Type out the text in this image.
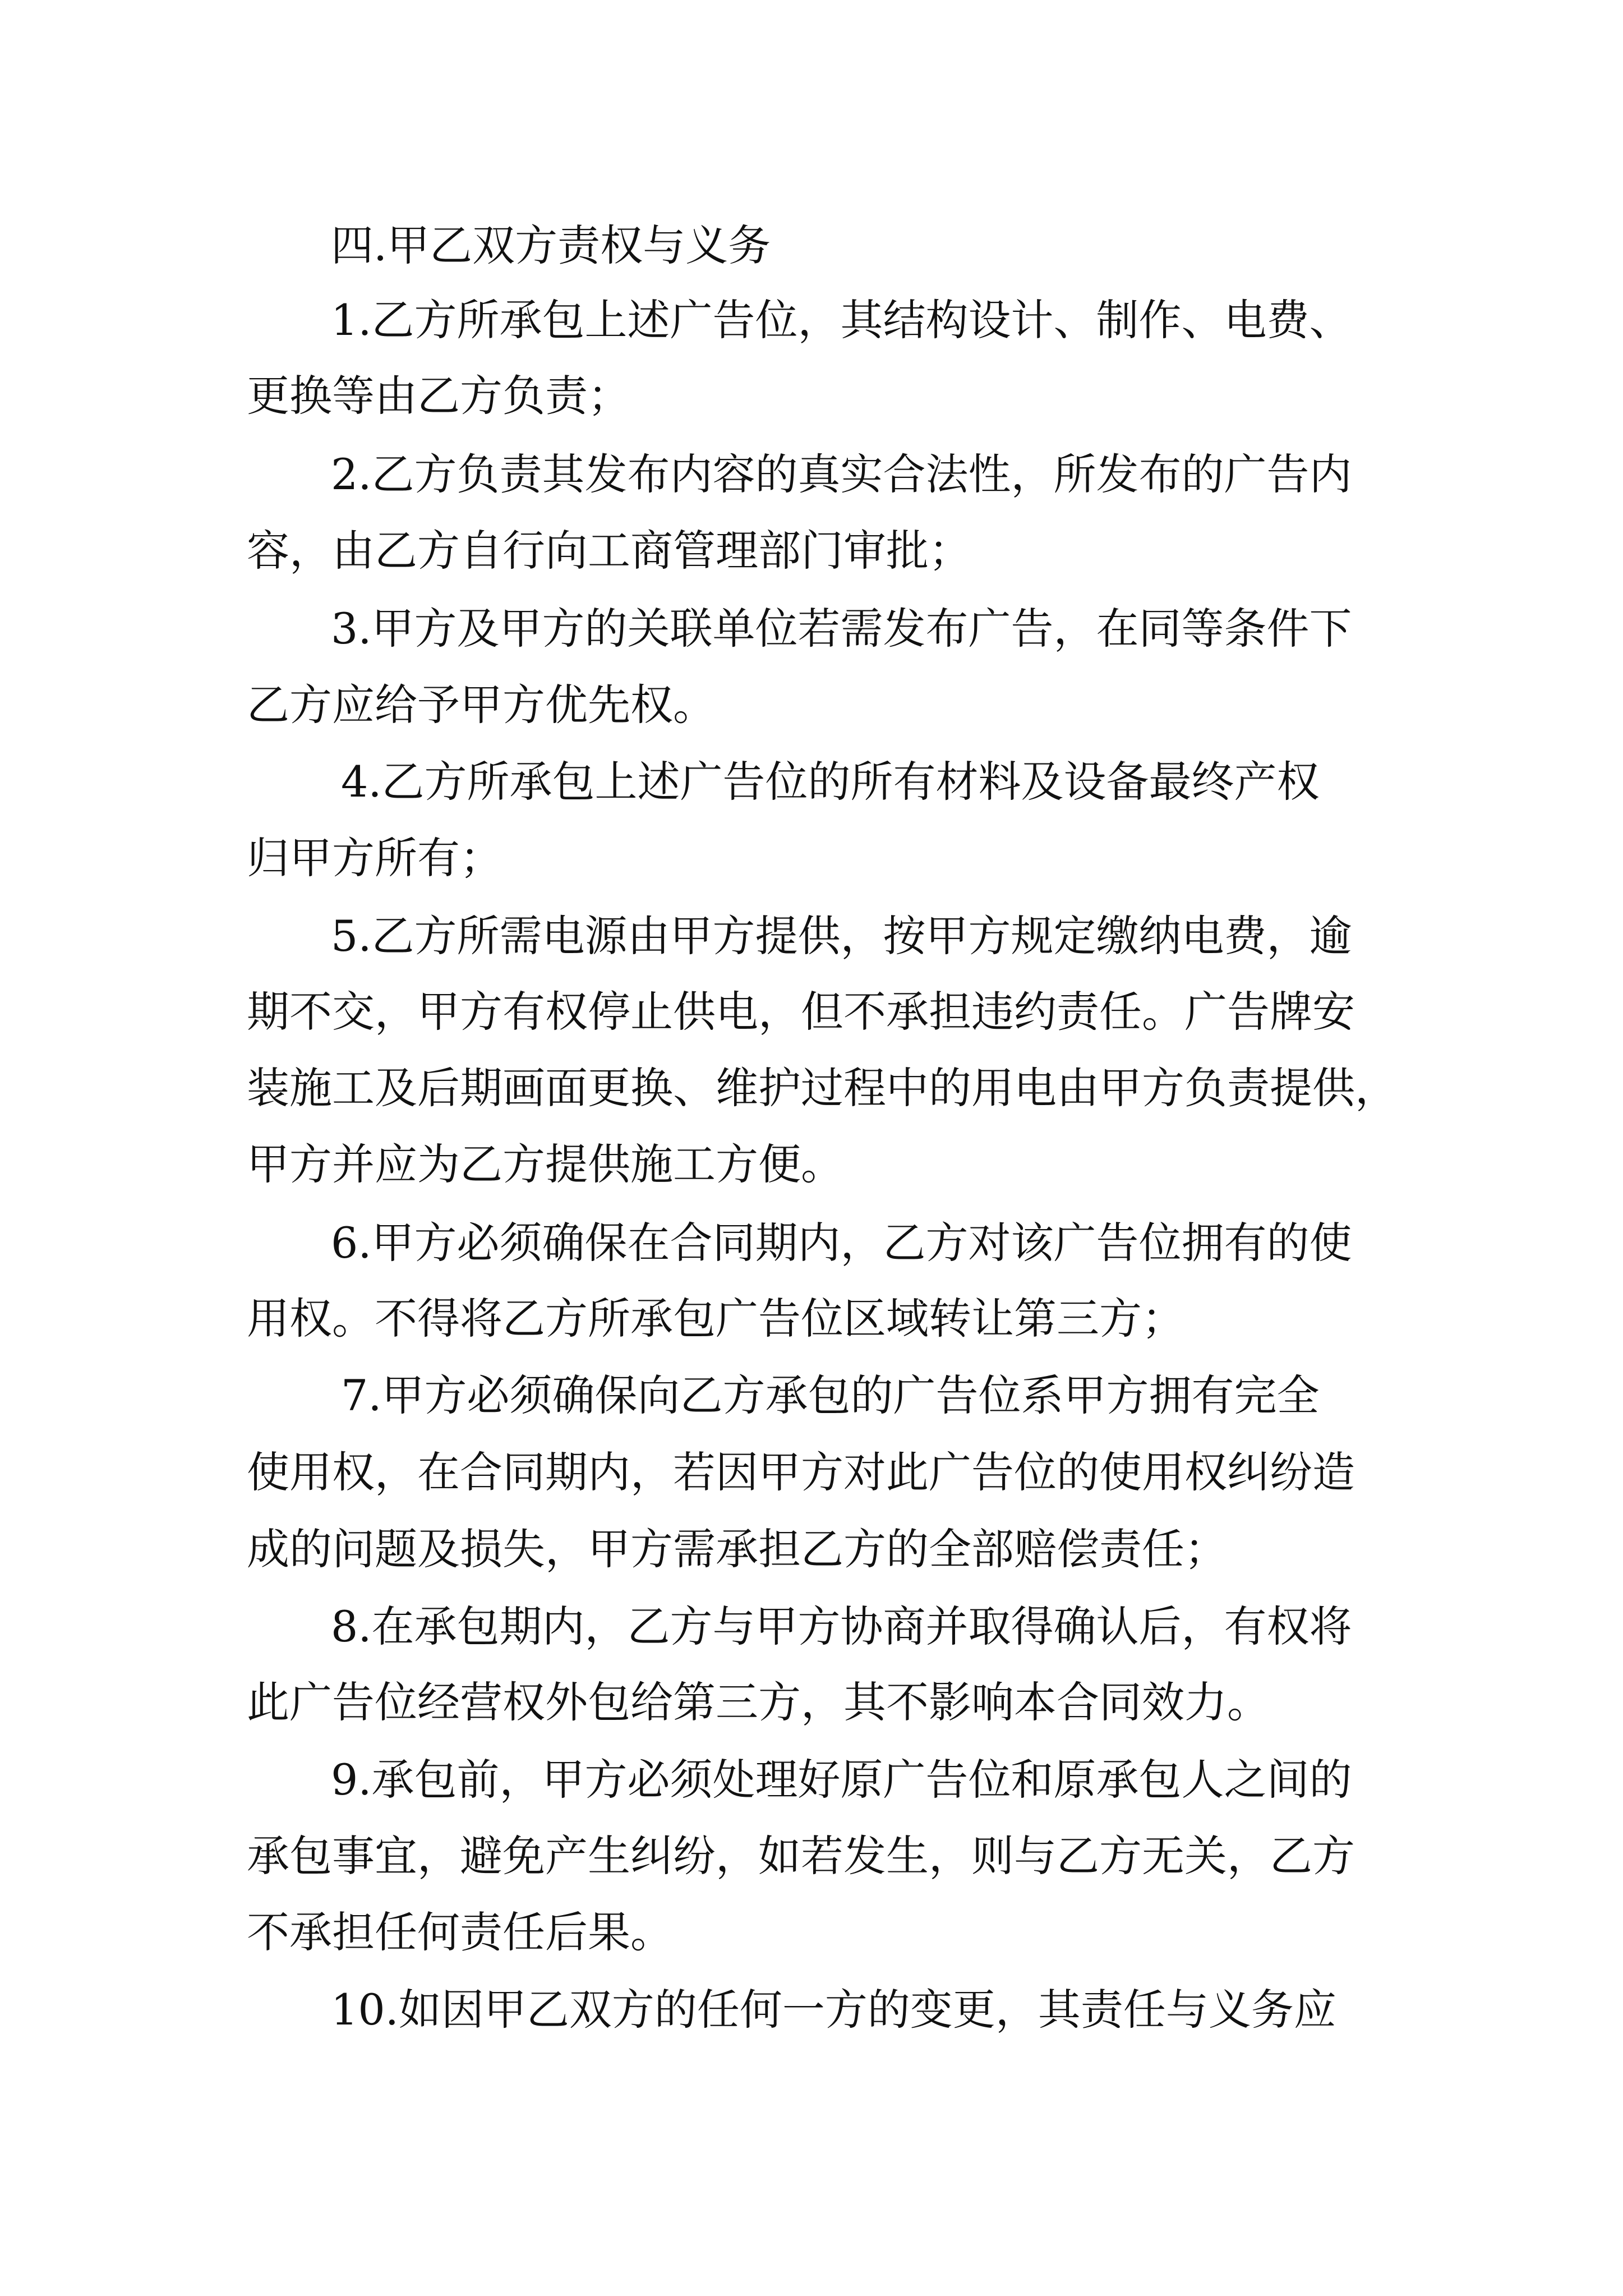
四.甲乙双方责权与义务

1.乙方所承包上述广告位，其结构设计、制作、电费、

更换等由乙方负责；

2.乙方负责其发布内容的真实合法性，所发布的广告内

容，由乙方自行向工商管理部门审批；

3.甲方及甲方的关联单位若需发布广告，在同等条件下

乙方应给予甲方优先权。

4.乙方所承包上述广告位的所有材料及设备最终产权

归甲方所有；

5.乙方所需电源由甲方提供，按甲方规定缴纳电费，逾

期不交，甲方有权停止供电，但不承担违约责任。广告牌安

装施工及后期画面更换、维护过程中的用电由甲方负责提供，

甲方并应为乙方提供施工方便。

6.甲方必须确保在合同期内，乙方对该广告位拥有的使

用权。不得将乙方所承包广告位区域转让第三方；

7.甲方必须确保向乙方承包的广告位系甲方拥有完全

使用权，在合同期内，若因甲方对此广告位的使用权纠纷造

成的问题及损失，甲方需承担乙方的全部赔偿责任；

8.在承包期内，乙方与甲方协商并取得确认后，有权将

此广告位经营权外包给第三方，其不影响本合同效力。

9.承包前，甲方必须处理好原广告位和原承包人之间的

承包事宜，避免产生纠纷，如若发生，则与乙方无关，乙方

不承担任何责任后果。

10.如因甲乙双方的任何一方的变更，其责任与义务应
